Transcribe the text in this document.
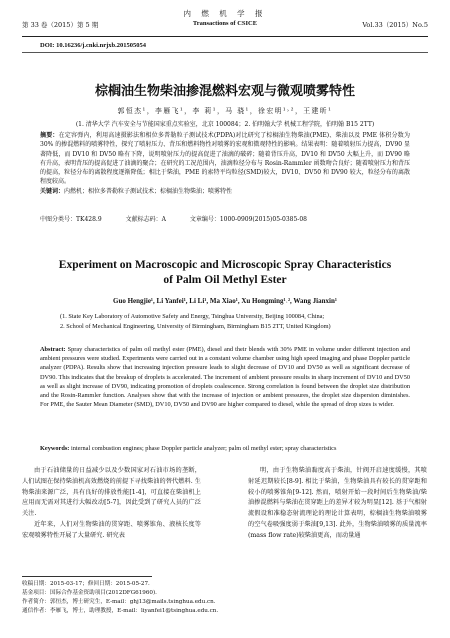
第 33 卷（2015）第 5 期
内 燃 机 学 报
Transactions of CSICE	Vol.33（2015）No.5
DOI: 10.16236/j.cnki.nrjxb.201505054
棕榈油生物柴油掺混燃料宏观与微观喷雾特性
郭恒杰¹，李雁飞¹，李 莉¹，马 骁¹，徐宏明¹˒²，王建昕¹
(1. 清华大学 汽车安全与节能国家重点实验室，北京 100084；2. 伯明翰大学 机械工程学院，伯明翰 B15 2TT)
摘要：在定容弹内，利用高速摄影法和相位多普勒粒子测试技术(PDPA)对比研究了棕榈油生物柴油(PME)、柴油以及 PME 体积分数为 30% 的掺混燃料的喷雾特性，探究了喷射压力、背压和燃料物性对喷雾的宏观和微观特性的影响。结果表明：随着喷射压力提高，DV90 显著降低，而 DV10 和 DV50 略有下降，说明喷射压力的提高促进了油滴的破碎；随着背压升高，DV10 和 DV50 大幅上升，而 DV90 略有升高，表明背压的提高促进了油滴的聚合；在研究的工况范围内，油滴粒径分布与 Rosin-Rammler 函数吻合良好；随着喷射压力和背压的提高，粒径分布的离散程度逐渐降低；相比于柴油，PME 的索特平均粒径(SMD)较大，DV10、DV50 和 DV90 较大，粒径分布的离散程度较高。
关键词：内燃机；相位多普勒粒子测试技术；棕榈油生物柴油；喷雾特性
中图分类号：TK428.9	文献标志码：A	文章编号：1000-0909(2015)05-0385-08
Experiment on Macroscopic and Microscopic Spray Characteristics
of Palm Oil Methyl Ester
Guo Hengjie¹, Li Yanfei¹, Li Li¹, Ma Xiao¹, Xu Hongming¹˒², Wang Jianxin¹
(1. State Key Laboratory of Automotive Safety and Energy, Tsinghua University, Beijing 100084, China;
2. School of Mechanical Engineering, University of Birmingham, Birmingham B15 2TT, United Kingdom)
Abstract: Spray characteristics of palm oil methyl ester (PME), diesel and their blends with 30% PME in volume under different injection and ambient pressures were studied. Experiments were carried out in a constant volume chamber using high speed imaging and phase Doppler particle analyzer (PDPA). Results show that increasing injection pressure leads to slight decrease of DV10 and DV50 as well as significant decrease of DV90. This indicates that the breakup of droplets is accelerated. The increment of ambient pressure results in sharp increment of DV10 and DV50 as well as slight increase of DV90, indicating promotion of droplets coalescence. Strong correlation is found between the droplet size distribution and the Rosin-Rammler function. Analyses show that with the increase of injection or ambient pressures, the droplet size dispersion diminishes. For PME, the Sauter Mean Diameter (SMD), DV10, DV50 and DV90 are higher compared to diesel, while the spread of drop sizes is wider.
Keywords: internal combustion engines; phase Doppler particle analyzer; palm oil methyl ester; spray characteristics

由于石油储量的日益减少以及少数国家对石油市场的垄断，人们试图在保持柴油机高效燃烧的前提下寻找柴油的替代燃料. 生物柴油来源广泛，具有良好的排放性能[1-4]，可直接在柴油机上应用而无需对其进行大幅改动[5-7]，因此受到了研究人员的广泛关注.

近年来，人们对生物柴油的贯穿距、喷雾锥角、液核长度等宏观喷雾特性开展了大量研究. 研究表

明，由于生物柴油黏度高于柴油，针阀开启速度缓慢，其喷射延迟期较长[8-9]. 相比于柴油，生物柴油具有较长的贯穿距和较小的喷雾锥角[9-12]. 然而，喷射开始一段时间后生物柴油/柴油掺混燃料与柴油在贯穿距上的差异才较为明显[12]. 基于气相射流假设和准稳态射流理论的理论计算表明，棕榈油生物柴油喷雾的空气卷吸强度弱于柴油[9,13]. 此外，生物柴油喷雾的质量流率(mass flow rate)较柴油更高，而动量通

收稿日期：2015-03-17；修回日期：2015-05-27.
基金项目：国际合作基金资助项目(2012DFG61960).
作者简介：郭恒杰，博士研究生，E-mail：ghj13@mails.tsinghua.edu.cn.
通信作者：李雁飞，博士，助理教授，E-mail：liyanfei1@tsinghua.edu.cn.
